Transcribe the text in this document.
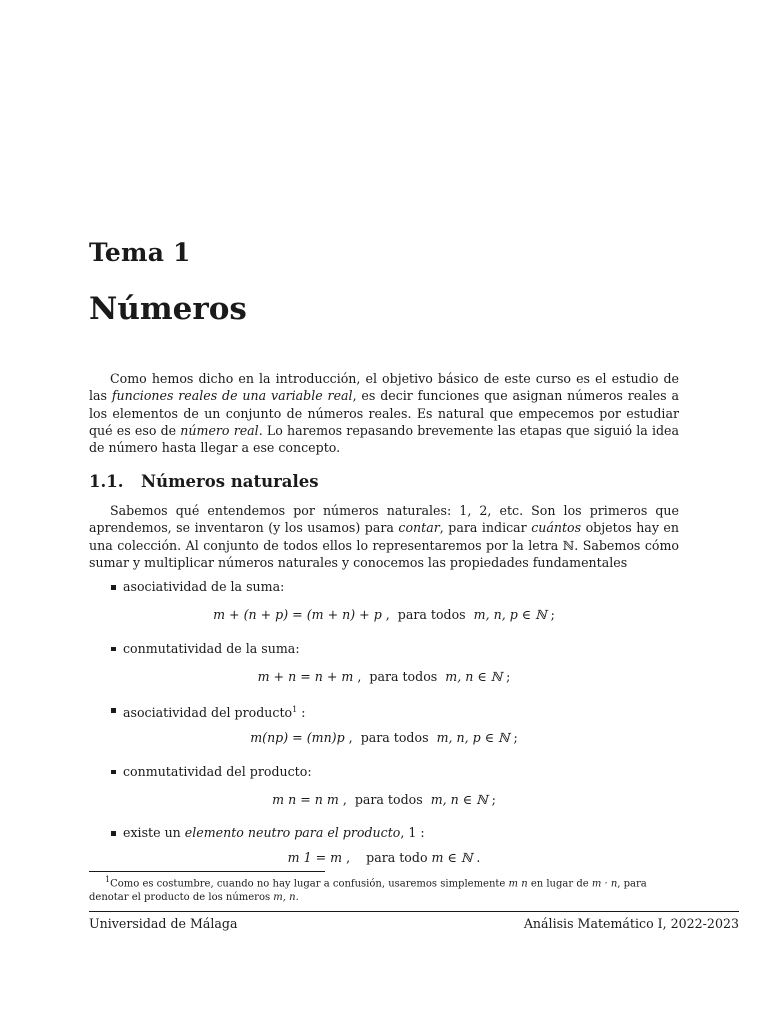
Tema 1
Números

Como hemos dicho en la introducción, el objetivo básico de este curso es el estudio de las funciones reales de una variable real, es decir funciones que asignan números reales a los elementos de un conjunto de números reales. Es natural que empecemos por estudiar qué es eso de número real. Lo haremos repasando brevemente las etapas que siguió la idea de número hasta llegar a ese concepto.

1.1. Números naturales

Sabemos qué entendemos por números naturales: 1, 2, etc. Son los primeros que aprendemos, se inventaron (y los usamos) para contar, para indicar cuántos objetos hay en una colección. Al conjunto de todos ellos lo representaremos por la letra ℕ. Sabemos cómo sumar y multiplicar números naturales y conocemos las propiedades fundamentales

asociatividad de la suma:
m + (n + p) = (m + n) + p ,  para todos m, n, p ∈ ℕ ;
conmutatividad de la suma:
m + n = n + m ,  para todos m, n ∈ ℕ ;
asociatividad del producto$^1$ :
m(np) = (mn)p ,  para todos m, n, p ∈ ℕ ;
conmutatividad del producto:
m n = n m ,  para todos m, n ∈ ℕ ;
existe un elemento neutro para el producto, 1 :
m 1 = m ,    para todo m ∈ ℕ .
$^1$Como es costumbre, cuando no hay lugar a confusión, usaremos simplemente m n en lugar de m · n, para denotar el producto de los números m, n.
Universidad de Málaga	Análisis Matemático I, 2022-2023
